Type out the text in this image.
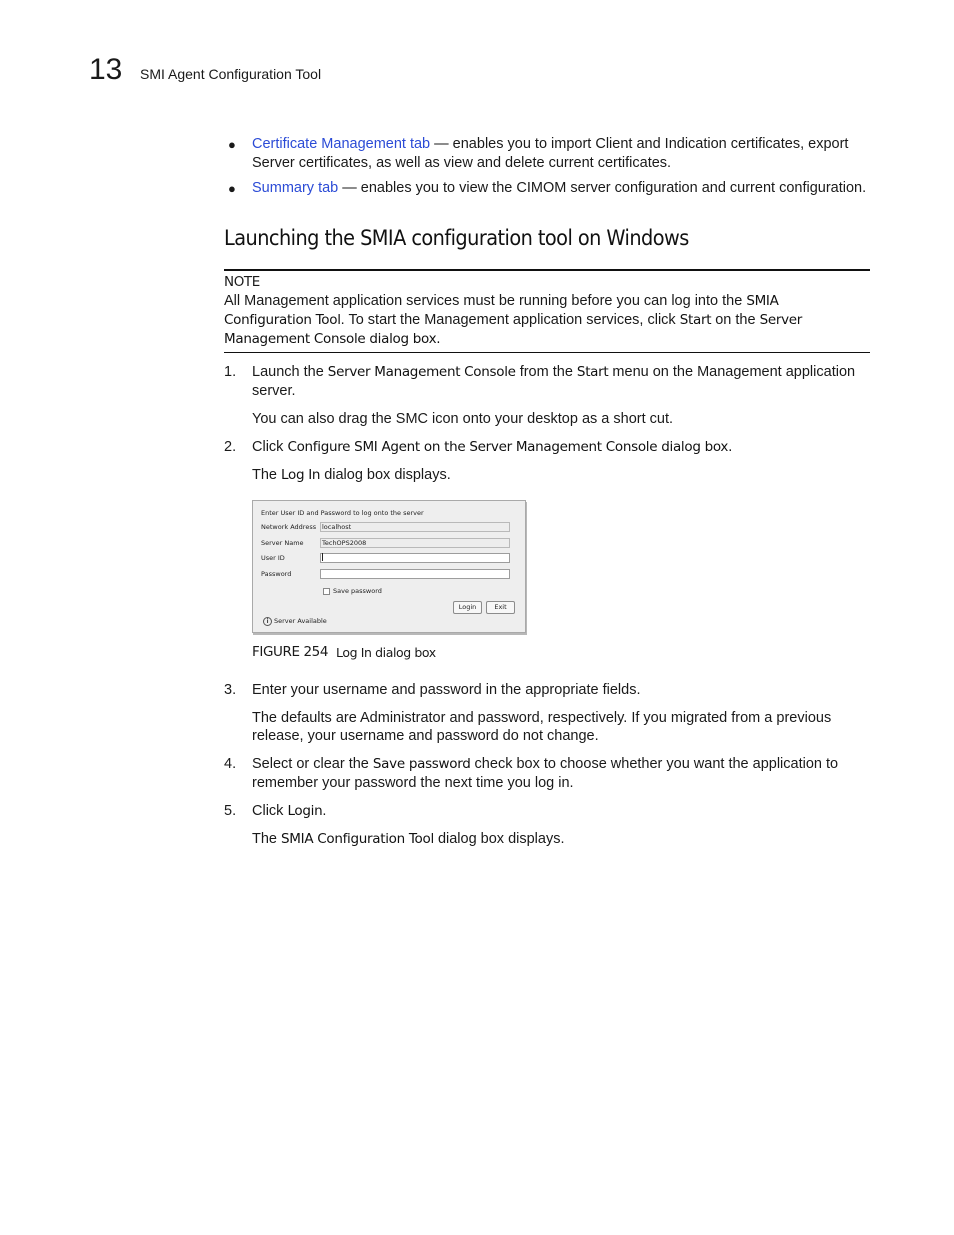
13 SMI Agent Configuration Tool
● Certificate Management tab — enables you to import Client and Indication certificates, export
Server certificates, as well as view and delete current certificates.
● Summary tab — enables you to view the CIMOM server configuration and current configuration.
Launching the SMIA configuration tool on Windows
NOTE
All Management application services must be running before you can log into the SMIA
Configuration Tool. To start the Management application services, click Start on the Server
Management Console dialog box.
1. Launch the Server Management Console from the Start menu on the Management application
server.
You can also drag the SMC icon onto your desktop as a short cut.
2. Click Configure SMI Agent on the Server Management Console dialog box.
The Log In dialog box displays.
Enter User ID and Password to log onto the server
Network Address localhost
Server Name	TechOPS2008
User ID
Password
Save password
Login	Exit
i Server Available
FIGURE 254 Log In dialog box
3. Enter your username and password in the appropriate fields.
The defaults are Administrator and password, respectively. If you migrated from a previous
release, your username and password do not change.
4. Select or clear the Save password check box to choose whether you want the application to
remember your password the next time you log in.
5. Click Login.
The SMIA Configuration Tool dialog box displays.
